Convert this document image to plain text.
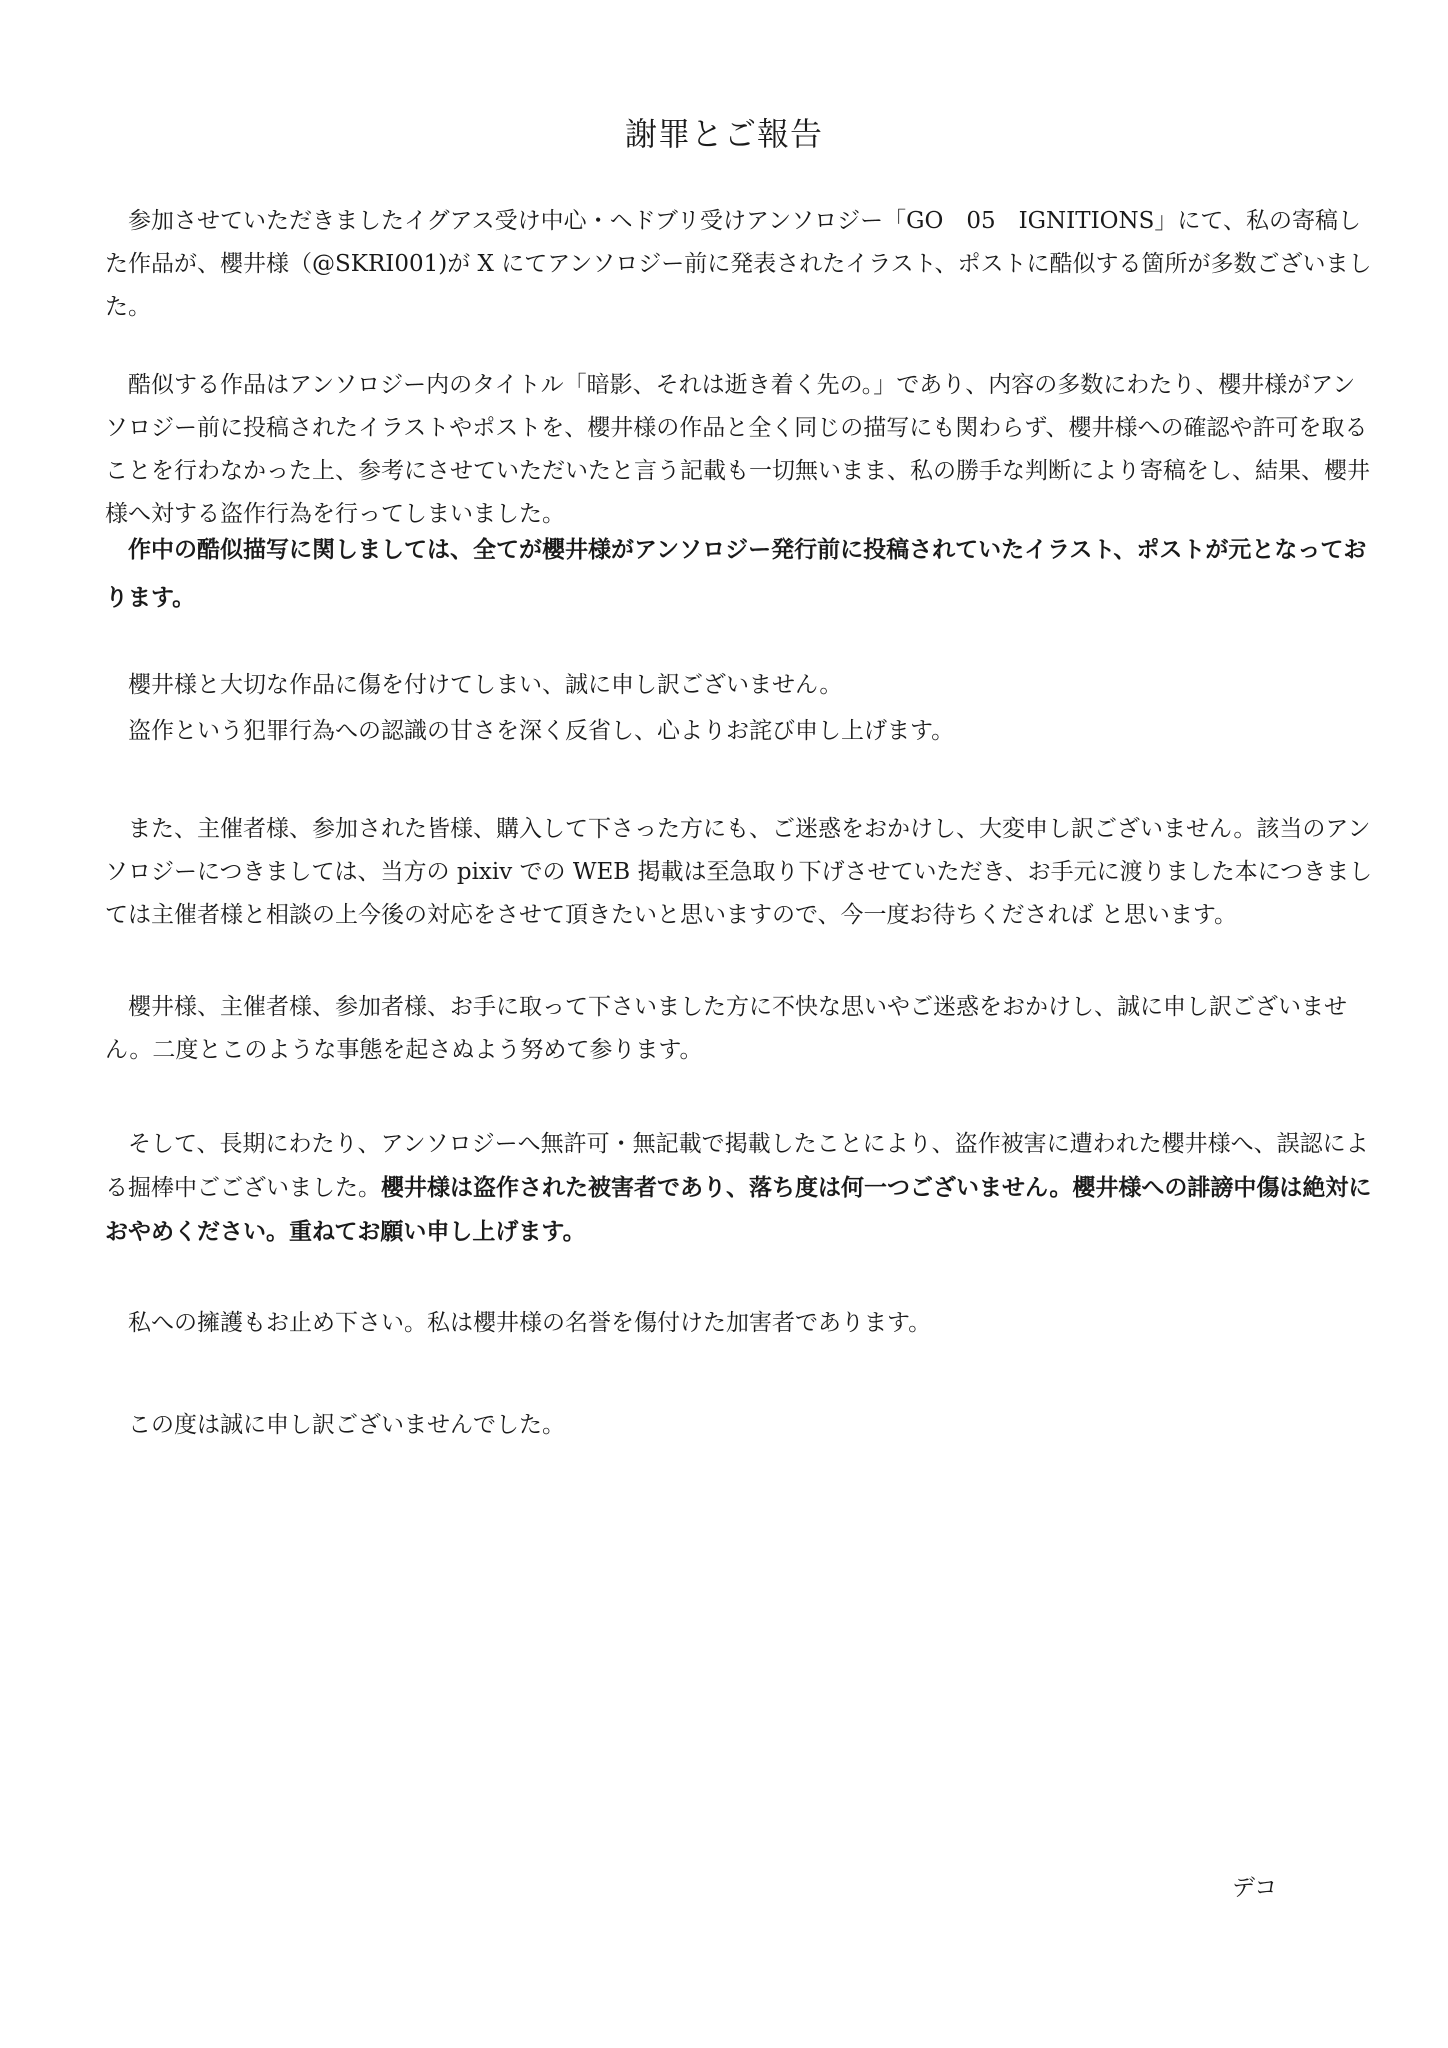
謝罪とご報告

参加させていただきましたイグアス受け中心・ヘドブリ受けアンソロジー「GO　05　IGNITIONS」にて、私の寄稿した作品が、櫻井様（@SKRI001)が X にてアンソロジー前に発表されたイラスト、ポストに酷似する箇所が多数ございました。

酷似する作品はアンソロジー内のタイトル「暗影、それは逝き着く先の。」であり、内容の多数にわたり、櫻井様がアンソロジー前に投稿されたイラストやポストを、櫻井様の作品と全く同じの描写にも関わらず、櫻井様への確認や許可を取ることを行わなかった上、参考にさせていただいたと言う記載も一切無いまま、私の勝手な判断により寄稿をし、結果、櫻井様へ対する盗作行為を行ってしまいました。

作中の酷似描写に関しましては、全てが櫻井様がアンソロジー発行前に投稿されていたイラスト、ポストが元となっております。

櫻井様と大切な作品に傷を付けてしまい、誠に申し訳ございません。

盗作という犯罪行為への認識の甘さを深く反省し、心よりお詫び申し上げます。

また、主催者様、参加された皆様、購入して下さった方にも、ご迷惑をおかけし、大変申し訳ございません。該当のアンソロジーにつきましては、当方の pixiv での WEB 掲載は至急取り下げさせていただき、お手元に渡りました本につきましては主催者様と相談の上今後の対応をさせて頂きたいと思いますので、今一度お待ちくだされば と思います。

櫻井様、主催者様、参加者様、お手に取って下さいました方に不快な思いやご迷惑をおかけし、誠に申し訳ございません。二度とこのような事態を起さぬよう努めて参ります。

そして、長期にわたり、アンソロジーへ無許可・無記載で掲載したことにより、盗作被害に遭われた櫻井様へ、誤認による掘棒中ごございました。櫻井様は盗作された被害者であり、落ち度は何一つございません。櫻井様への誹謗中傷は絶対におやめください。重ねてお願い申し上げます。

私への擁護もお止め下さい。私は櫻井様の名誉を傷付けた加害者であります。

この度は誠に申し訳ございませんでした。

デコ
